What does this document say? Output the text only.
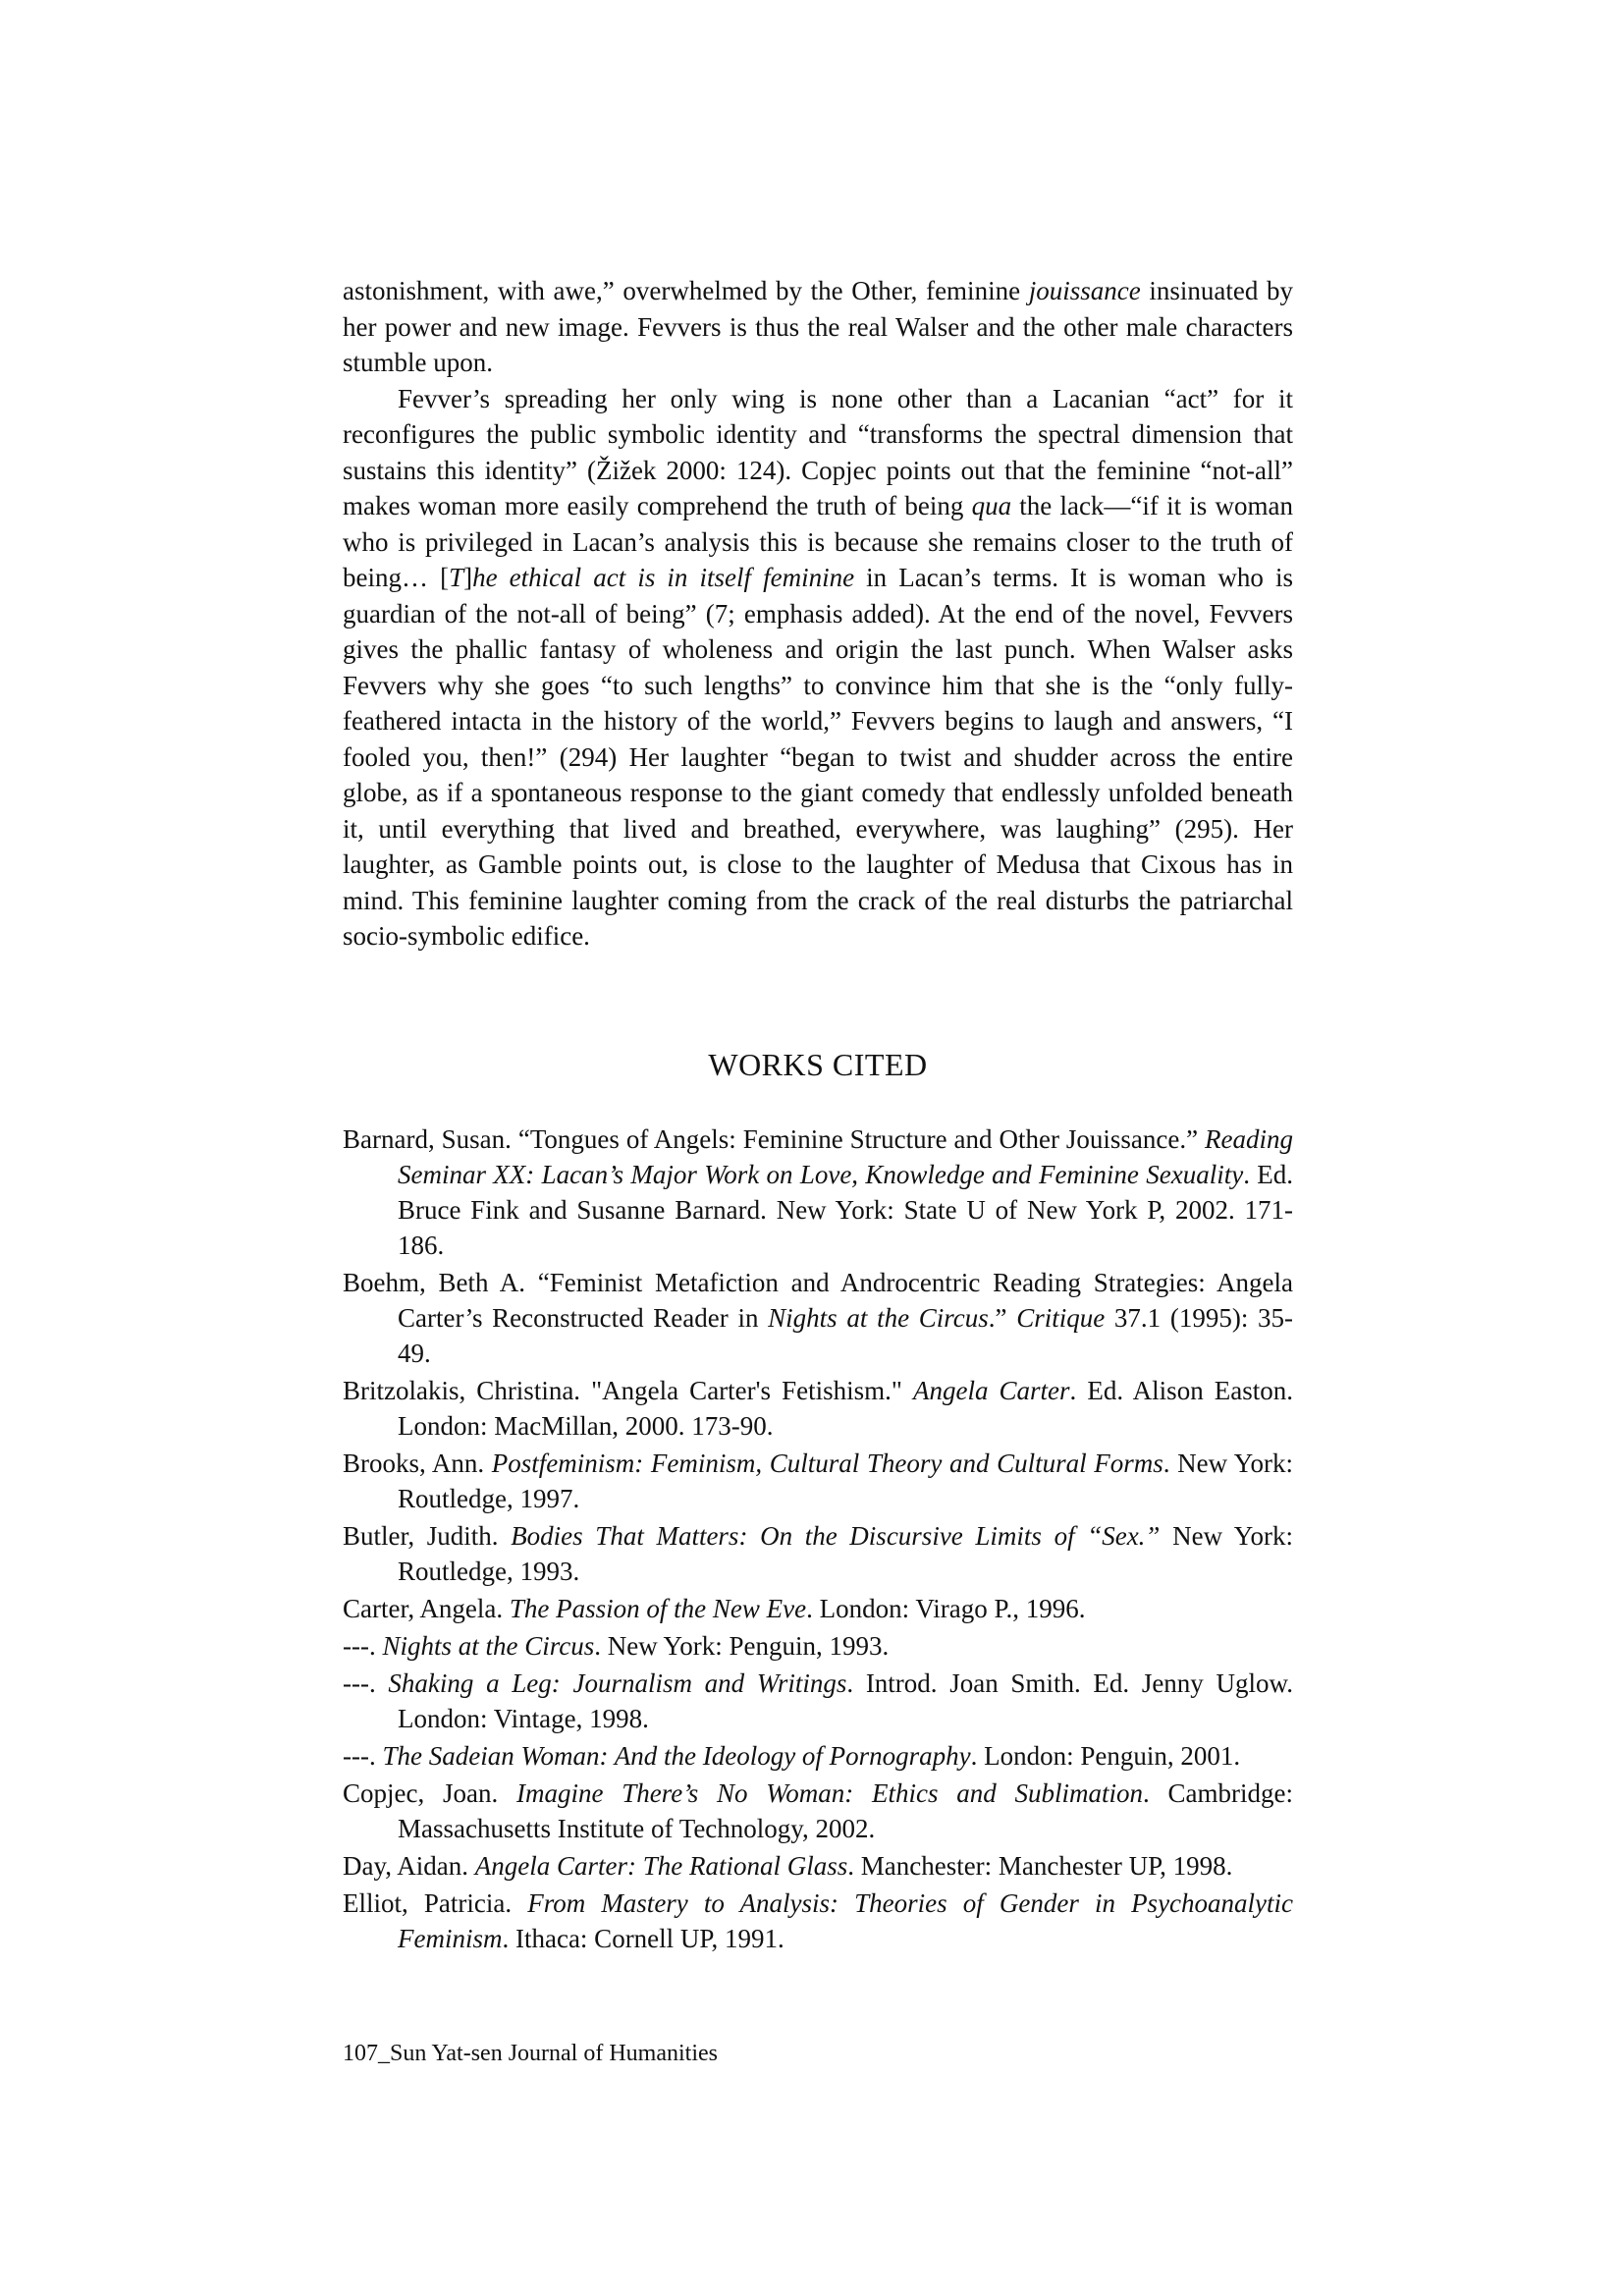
astonishment, with awe,” overwhelmed by the Other, feminine jouissance insinuated by her power and new image. Fevvers is thus the real Walser and the other male characters stumble upon.

Fevver’s spreading her only wing is none other than a Lacanian “act” for it reconfigures the public symbolic identity and “transforms the spectral dimension that sustains this identity” (Žižek 2000: 124). Copjec points out that the feminine “not-all” makes woman more easily comprehend the truth of being qua the lack—“if it is woman who is privileged in Lacan’s analysis this is because she remains closer to the truth of being… [T]he ethical act is in itself feminine in Lacan’s terms. It is woman who is guardian of the not-all of being” (7; emphasis added). At the end of the novel, Fevvers gives the phallic fantasy of wholeness and origin the last punch. When Walser asks Fevvers why she goes “to such lengths” to convince him that she is the “only fully-feathered intacta in the history of the world,” Fevvers begins to laugh and answers, “I fooled you, then!” (294) Her laughter “began to twist and shudder across the entire globe, as if a spontaneous response to the giant comedy that endlessly unfolded beneath it, until everything that lived and breathed, everywhere, was laughing” (295). Her laughter, as Gamble points out, is close to the laughter of Medusa that Cixous has in mind. This feminine laughter coming from the crack of the real disturbs the patriarchal socio-symbolic edifice.

WORKS CITED
Barnard, Susan. “Tongues of Angels: Feminine Structure and Other Jouissance.” Reading Seminar XX: Lacan’s Major Work on Love, Knowledge and Feminine Sexuality. Ed. Bruce Fink and Susanne Barnard. New York: State U of New York P, 2002. 171-186.
Boehm, Beth A. “Feminist Metafiction and Androcentric Reading Strategies: Angela Carter’s Reconstructed Reader in Nights at the Circus.” Critique 37.1 (1995): 35-49.
Britzolakis, Christina. "Angela Carter's Fetishism." Angela Carter. Ed. Alison Easton. London: MacMillan, 2000. 173-90.
Brooks, Ann. Postfeminism: Feminism, Cultural Theory and Cultural Forms. New York: Routledge, 1997.
Butler, Judith. Bodies That Matters: On the Discursive Limits of “Sex.” New York: Routledge, 1993.
Carter, Angela. The Passion of the New Eve. London: Virago P., 1996.
---. Nights at the Circus. New York: Penguin, 1993.
---. Shaking a Leg: Journalism and Writings. Introd. Joan Smith. Ed. Jenny Uglow. London: Vintage, 1998.
---. The Sadeian Woman: And the Ideology of Pornography. London: Penguin, 2001.
Copjec, Joan. Imagine There’s No Woman: Ethics and Sublimation. Cambridge: Massachusetts Institute of Technology, 2002.
Day, Aidan. Angela Carter: The Rational Glass. Manchester: Manchester UP, 1998.
Elliot, Patricia. From Mastery to Analysis: Theories of Gender in Psychoanalytic Feminism. Ithaca: Cornell UP, 1991.
107_Sun Yat-sen Journal of Humanities
